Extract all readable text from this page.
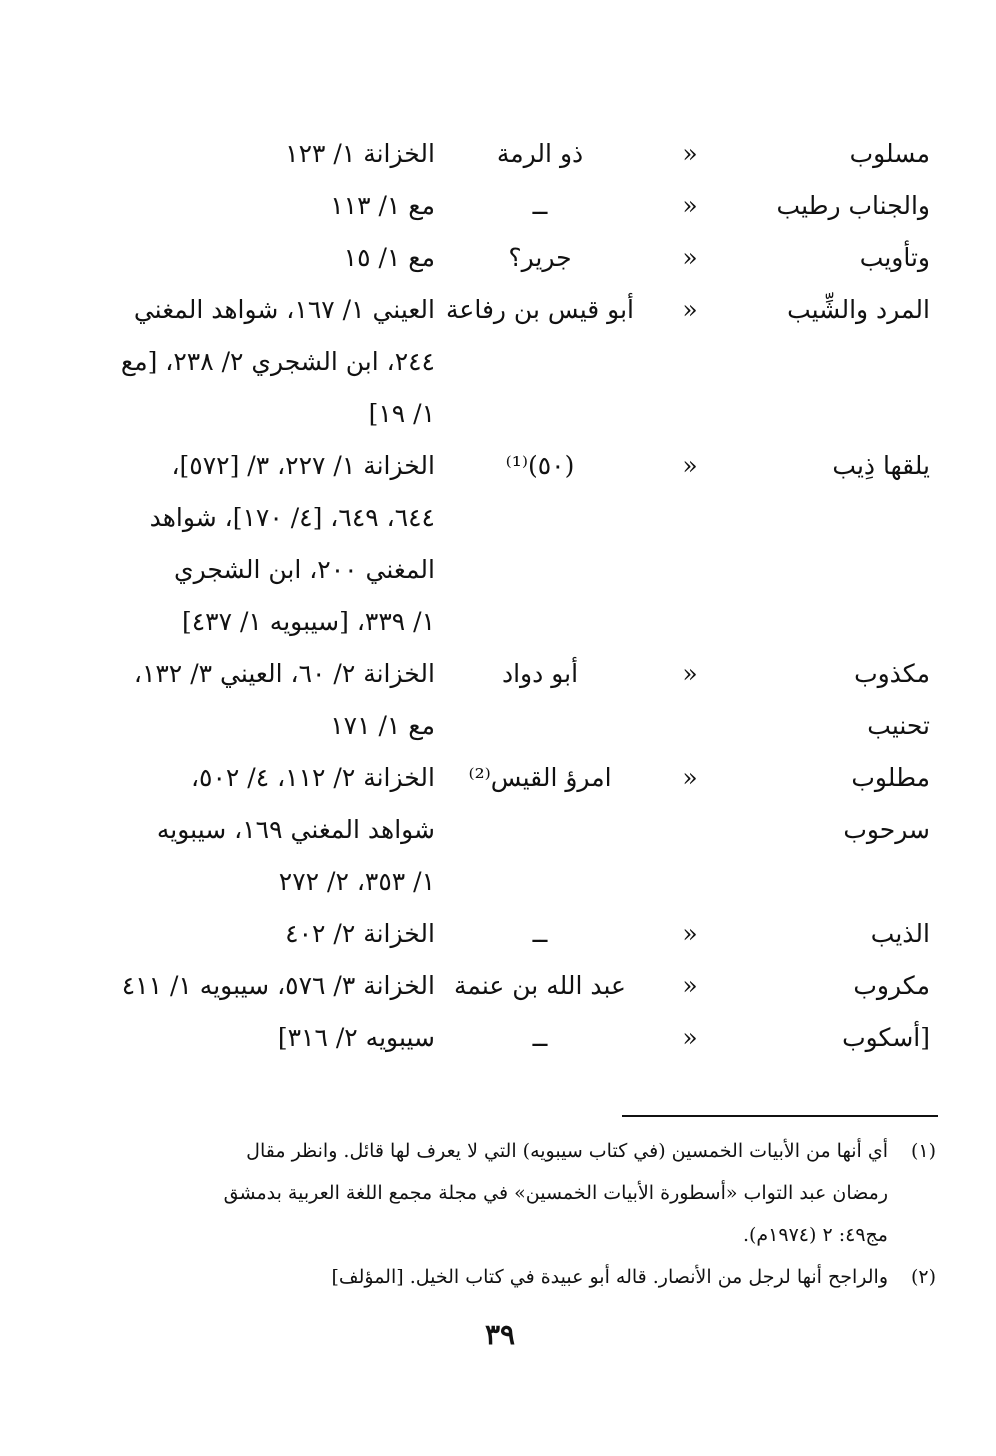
مسلوب
«
ذو الرمة
الخزانة ١/ ١٢٣
والجناب رطيب
«
ــ
مع ١/ ١١٣
وتأويب
«
جرير؟
مع ١/ ١٥
المرد والشِّيب
«
أبو قيس بن رفاعة
العيني ١/ ١٦٧، شواهد المغني
٢٤٤، ابن الشجري ٢/ ٢٣٨، [مع
١/ ١٩]
يلقها ذِيب
«
(٥٠)⁽¹⁾
الخزانة ١/ ٢٢٧، ٣/ [٥٧٢]،
٦٤٤، ٦٤٩، [٤/ ١٧٠]، شواهد
المغني ٢٠٠، ابن الشجري
١/ ٣٣٩، [سيبويه ١/ ٤٣٧]
مكذوب
«
أبو دواد
الخزانة ٢/ ٦٠، العيني ٣/ ١٣٢،
تحنيب
مع ١/ ١٧١
مطلوب
«
امرؤ القيس⁽²⁾
الخزانة ٢/ ١١٢، ٤/ ٥٠٢،
سرحوب
شواهد المغني ١٦٩، سيبويه
١/ ٣٥٣، ٢/ ٢٧٢
الذيب
«
ــ
الخزانة ٢/ ٤٠٢
مكروب
«
عبد الله بن عنمة
الخزانة ٣/ ٥٧٦، سيبويه ١/ ٤١١
[أسكوب
«
ــ
سيبويه ٢/ ٣١٦]
(١)
أي أنها من الأبيات الخمسين (في كتاب سيبويه) التي لا يعرف لها قائل. وانظر مقال
رمضان عبد التواب «أسطورة الأبيات الخمسين» في مجلة مجمع اللغة العربية بدمشق
مج٤٩: ٢ (١٩٧٤م).
(٢)
والراجح أنها لرجل من الأنصار. قاله أبو عبيدة في كتاب الخيل. [المؤلف]
٣٩
